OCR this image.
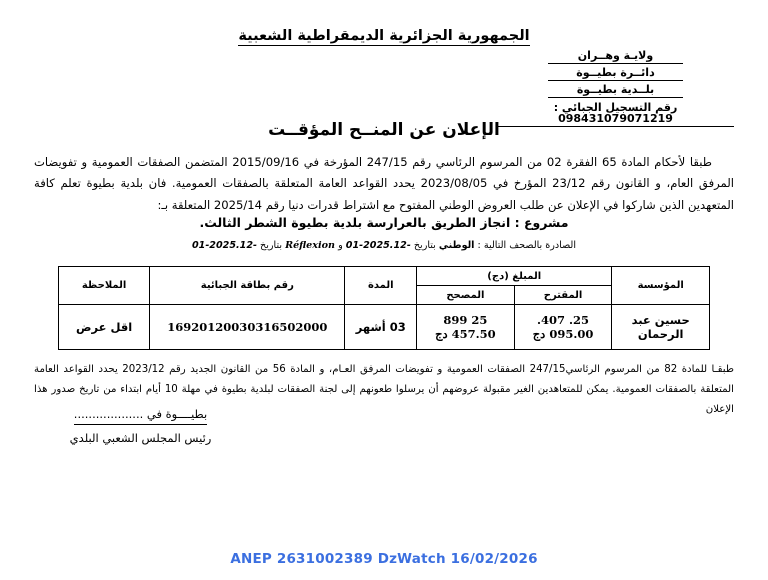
الجمهورية الجزائرية الديمقراطية الشعبية
ولايـة وهــران
دائــرة بطيــوة
بلــدية بطيــوة
رقم التسجيل الجبائي : 098431079071219
الإعلان عن المنــح المؤقــت

طبقا لأحكام المادة 65 الفقرة 02 من المرسوم الرئاسي رقم 247/15 المؤرخة في 2015/09/16 المتضمن الصفقات العمومية و تفويضات المرفق العام، و القانون رقم 23/12 المؤرخ في 2023/08/05 يحدد القواعد العامة المتعلقة بالصفقات العمومية. فان بلدية بطيوة تعلم كافة المتعهدين الذين شاركوا في الإعلان عن طلب العروض الوطني المفتوح مع اشتراط قدرات دنيا رقم 2025/14 المتعلقة بـ:

مشروع : انجاز الطريق بالعرارسة بلدية بطيوة الشطر الثالث.
الصادرة بالصحف التالية : الوطني بتاريخ -2025.12-01 و Réflexion بتاريخ -2025.12-01
المؤسسة	المبلغ (دج)		المدة	رقم بطاقة الجبائية	الملاحظة
	المقترح	المصحح			
حسين عبد الرحمان	25. 407. 095.00 دج	25 899 457.50 دج	03 أشهر	16920120030316502000	اقل عرض

طبقـا للمادة 82 من المرسوم الرئاسي247/15 الصفقات العمومية و تفويضات المرفق العـام، و المادة 56 من القانون الجديد رقم 2023/12 يحدد القواعد العامة المتعلقة بالصفقات العمومية. يمكن للمتعاهدين الغير مقبولة عروضهم أن يرسلوا طعونهم إلى لجنة الصفقات لبلدية بطيوة في مهلة 10 أيام ابتداء من تاريخ صدور هذا الإعلان

بطيــــوة في ...................
رئيس المجلس الشعبي البلدي
ANEP 2631002389 DzWatch 16/02/2026
